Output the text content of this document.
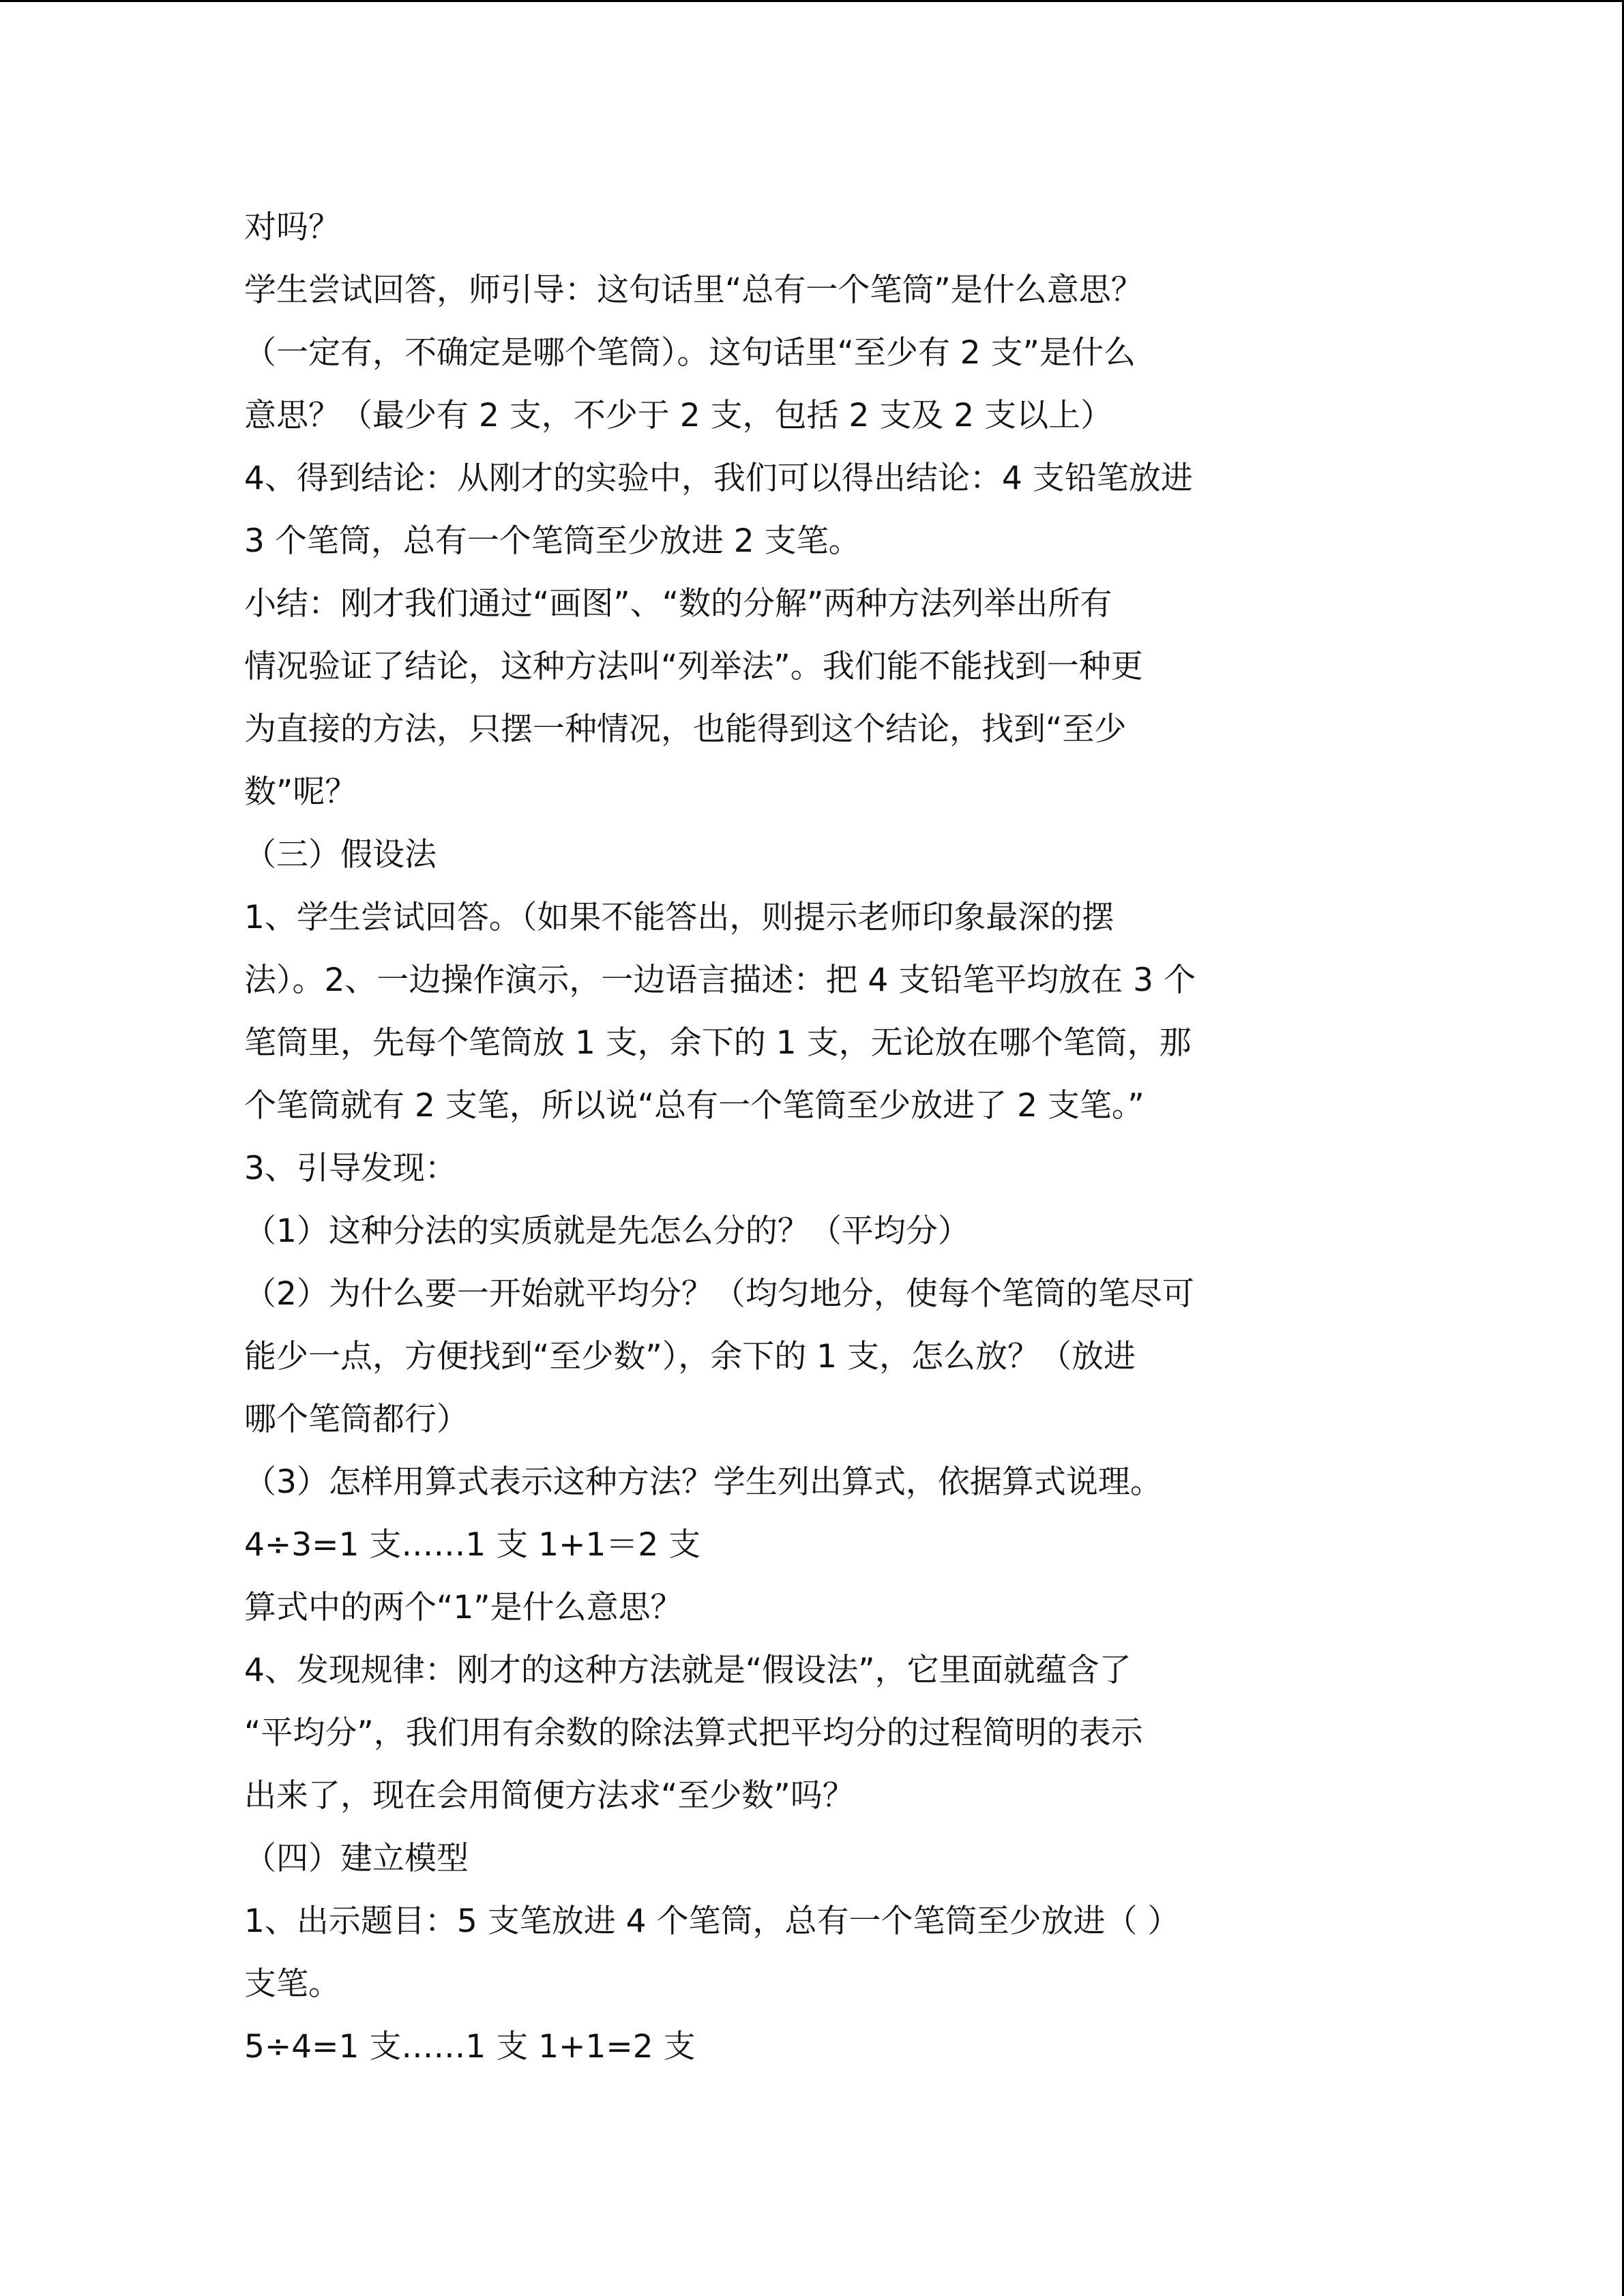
对吗？
学生尝试回答，师引导：这句话里“总有一个笔筒”是什么意思？
（一定有，不确定是哪个笔筒）。这句话里“至少有 2 支”是什么
意思？（最少有 2 支，不少于 2 支，包括 2 支及 2 支以上）
4、得到结论：从刚才的实验中，我们可以得出结论：4 支铅笔放进
3 个笔筒，总有一个笔筒至少放进 2 支笔。
小结：刚才我们通过“画图”、“数的分解”两种方法列举出所有
情况验证了结论，这种方法叫“列举法”。我们能不能找到一种更
为直接的方法，只摆一种情况，也能得到这个结论，找到“至少
数”呢？
（三）假设法
1、学生尝试回答。（如果不能答出，则提示老师印象最深的摆
法）。2、一边操作演示，一边语言描述：把 4 支铅笔平均放在 3 个
笔筒里，先每个笔筒放 1 支，余下的 1 支，无论放在哪个笔筒，那
个笔筒就有 2 支笔，所以说“总有一个笔筒至少放进了 2 支笔。”
3、引导发现：
（1）这种分法的实质就是先怎么分的？（平均分）
（2）为什么要一开始就平均分？（均匀地分，使每个笔筒的笔尽可
能少一点，方便找到“至少数”），余下的 1 支，怎么放？（放进
哪个笔筒都行）
（3）怎样用算式表示这种方法？学生列出算式，依据算式说理。
4÷3=1 支……1 支 1+1＝2 支
算式中的两个“1”是什么意思？
4、发现规律：刚才的这种方法就是“假设法”，它里面就蕴含了
“平均分”，我们用有余数的除法算式把平均分的过程简明的表示
出来了，现在会用简便方法求“至少数”吗？
（四）建立模型
1、出示题目：5 支笔放进 4 个笔筒，总有一个笔筒至少放进（ ）
支笔。
5÷4=1 支……1 支 1+1=2 支
